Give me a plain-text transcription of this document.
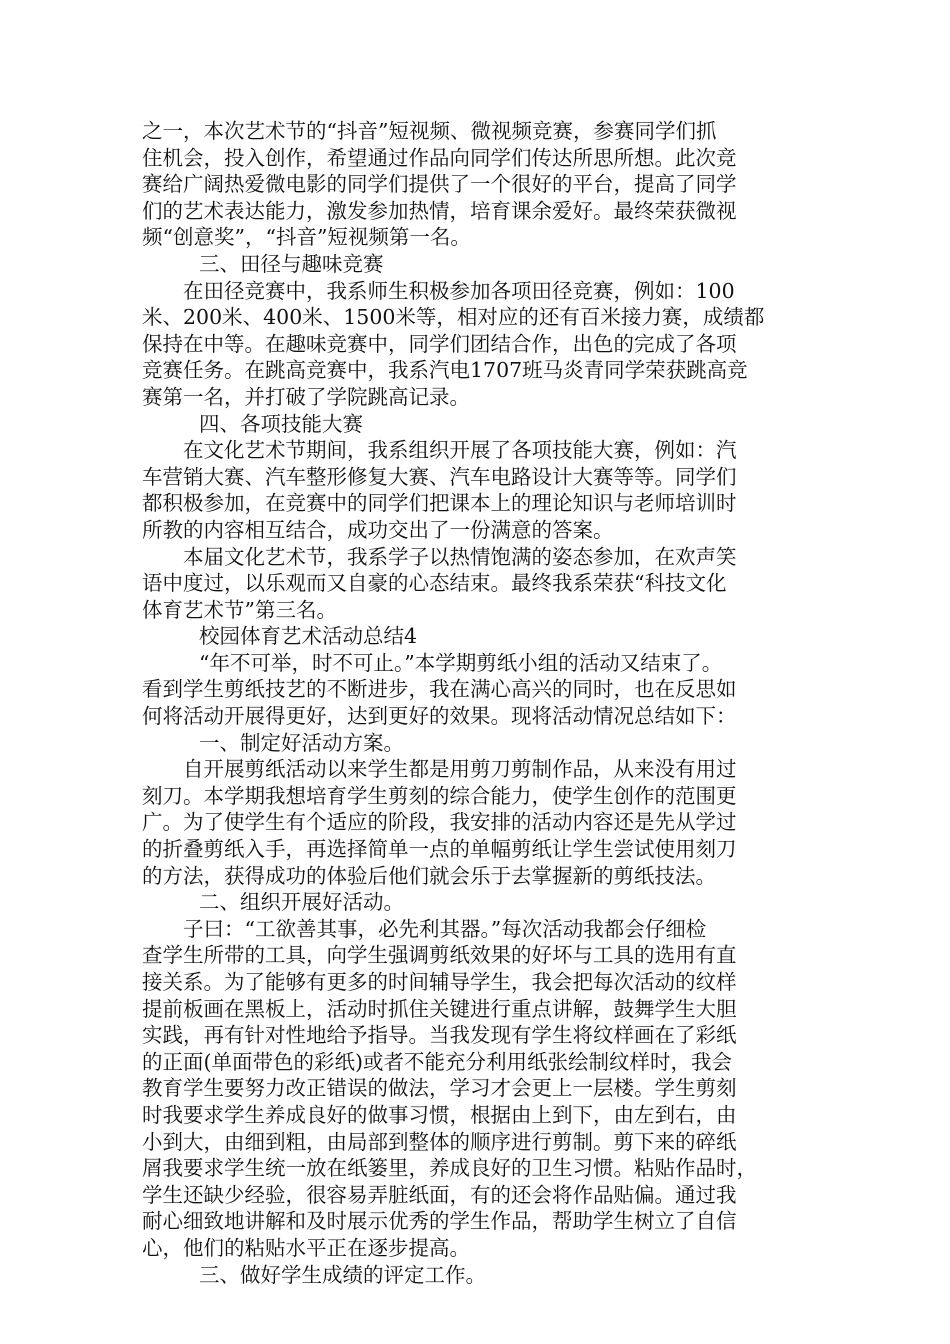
之一，本次艺术节的“抖音”短视频、微视频竞赛，参赛同学们抓
住机会，投入创作，希望通过作品向同学们传达所思所想。此次竞
赛给广阔热爱微电影的同学们提供了一个很好的平台，提高了同学
们的艺术表达能力，激发参加热情，培育课余爱好。最终荣获微视
频“创意奖”，“抖音”短视频第一名。
三、田径与趣味竞赛
在田径竞赛中，我系师生积极参加各项田径竞赛，例如：100
米、200米、400米、1500米等，相对应的还有百米接力赛，成绩都
保持在中等。在趣味竞赛中，同学们团结合作，出色的完成了各项
竞赛任务。在跳高竞赛中，我系汽电1707班马炎青同学荣获跳高竞
赛第一名，并打破了学院跳高记录。
四、各项技能大赛
在文化艺术节期间，我系组织开展了各项技能大赛，例如：汽
车营销大赛、汽车整形修复大赛、汽车电路设计大赛等等。同学们
都积极参加，在竞赛中的同学们把课本上的理论知识与老师培训时
所教的内容相互结合，成功交出了一份满意的答案。
本届文化艺术节，我系学子以热情饱满的姿态参加，在欢声笑
语中度过，以乐观而又自豪的心态结束。最终我系荣获“科技文化
体育艺术节”第三名。
校园体育艺术活动总结4
“年不可举，时不可止。”本学期剪纸小组的活动又结束了。
看到学生剪纸技艺的不断进步，我在满心高兴的同时，也在反思如
何将活动开展得更好，达到更好的效果。现将活动情况总结如下：
一、制定好活动方案。
自开展剪纸活动以来学生都是用剪刀剪制作品，从来没有用过
刻刀。本学期我想培育学生剪刻的综合能力，使学生创作的范围更
广。为了使学生有个适应的阶段，我安排的活动内容还是先从学过
的折叠剪纸入手，再选择简单一点的单幅剪纸让学生尝试使用刻刀
的方法，获得成功的体验后他们就会乐于去掌握新的剪纸技法。
二、组织开展好活动。
子曰：“工欲善其事，必先利其器。”每次活动我都会仔细检
查学生所带的工具，向学生强调剪纸效果的好坏与工具的选用有直
接关系。为了能够有更多的时间辅导学生，我会把每次活动的纹样
提前板画在黑板上，活动时抓住关键进行重点讲解，鼓舞学生大胆
实践，再有针对性地给予指导。当我发现有学生将纹样画在了彩纸
的正面(单面带色的彩纸)或者不能充分利用纸张绘制纹样时，我会
教育学生要努力改正错误的做法，学习才会更上一层楼。学生剪刻
时我要求学生养成良好的做事习惯，根据由上到下，由左到右，由
小到大，由细到粗，由局部到整体的顺序进行剪制。剪下来的碎纸
屑我要求学生统一放在纸篓里，养成良好的卫生习惯。粘贴作品时，
学生还缺少经验，很容易弄脏纸面，有的还会将作品贴偏。通过我
耐心细致地讲解和及时展示优秀的学生作品，帮助学生树立了自信
心，他们的粘贴水平正在逐步提高。
三、做好学生成绩的评定工作。
